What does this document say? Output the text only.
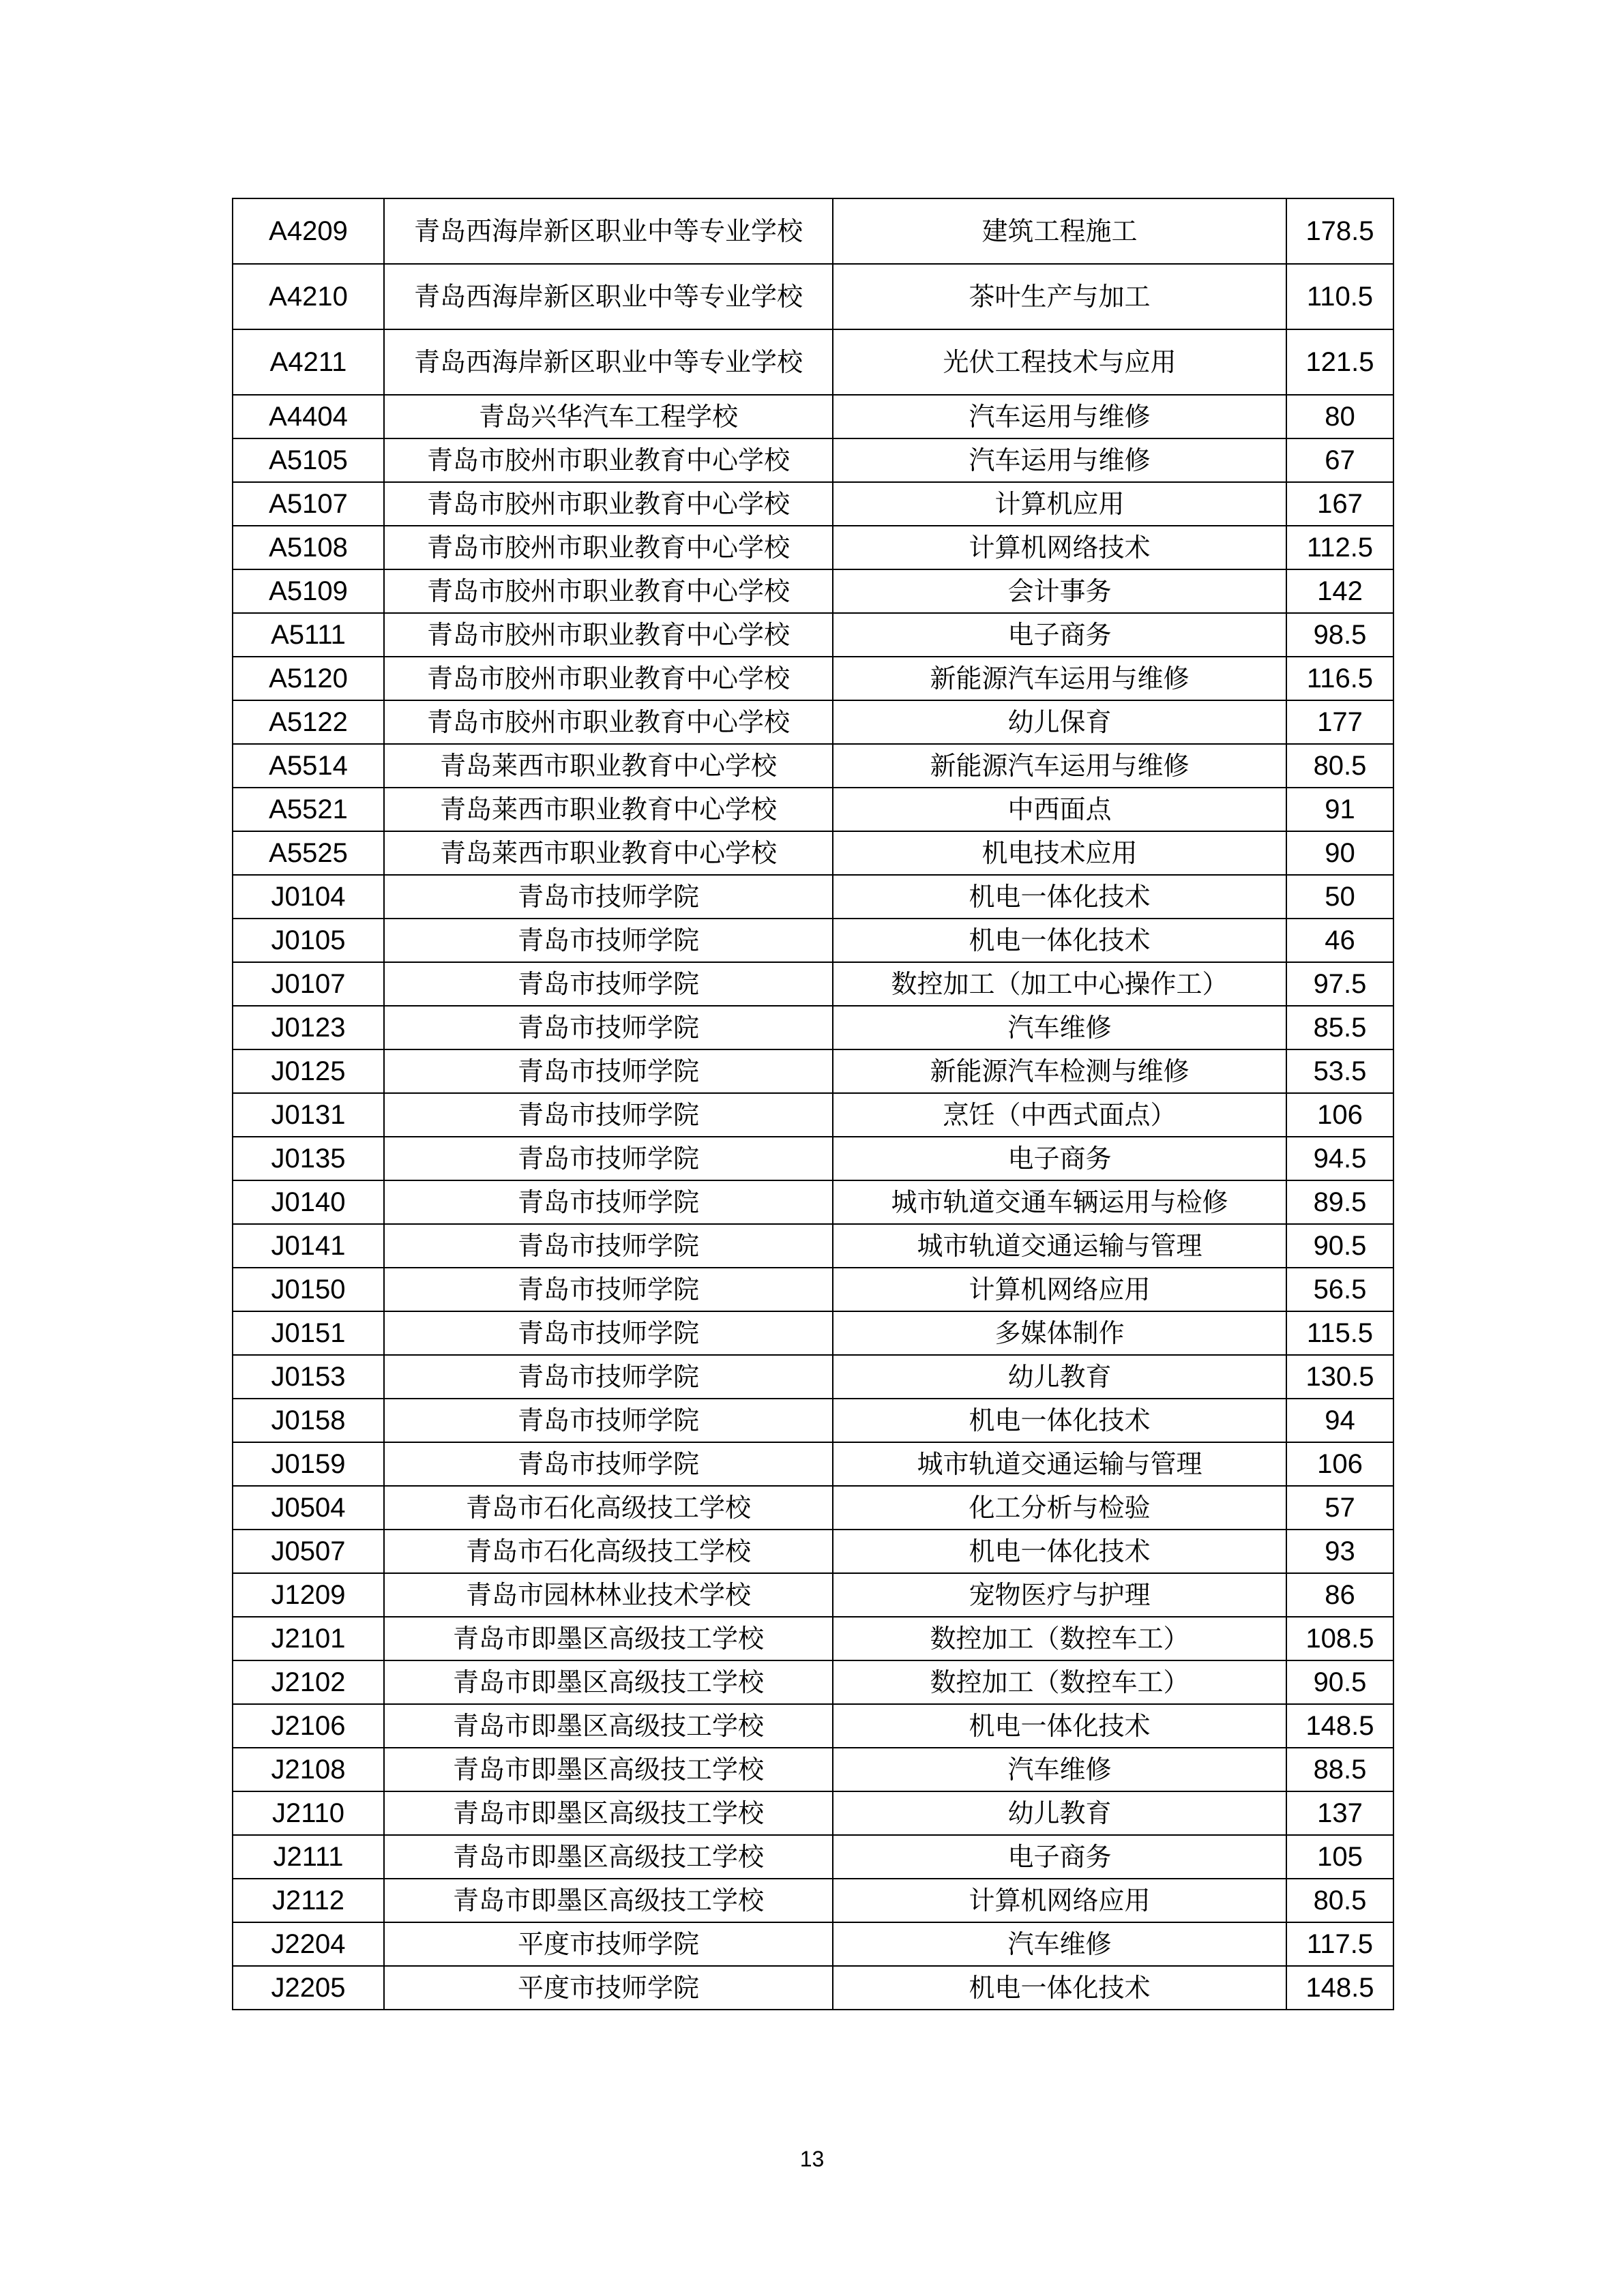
A4209	青岛西海岸新区职业中等专业学校	建筑工程施工	178.5
A4210	青岛西海岸新区职业中等专业学校	茶叶生产与加工	110.5
A4211	青岛西海岸新区职业中等专业学校	光伏工程技术与应用	121.5
A4404	青岛兴华汽车工程学校	汽车运用与维修	80
A5105	青岛市胶州市职业教育中心学校	汽车运用与维修	67
A5107	青岛市胶州市职业教育中心学校	计算机应用	167
A5108	青岛市胶州市职业教育中心学校	计算机网络技术	112.5
A5109	青岛市胶州市职业教育中心学校	会计事务	142
A5111	青岛市胶州市职业教育中心学校	电子商务	98.5
A5120	青岛市胶州市职业教育中心学校	新能源汽车运用与维修	116.5
A5122	青岛市胶州市职业教育中心学校	幼儿保育	177
A5514	青岛莱西市职业教育中心学校	新能源汽车运用与维修	80.5
A5521	青岛莱西市职业教育中心学校	中西面点	91
A5525	青岛莱西市职业教育中心学校	机电技术应用	90
J0104	青岛市技师学院	机电一体化技术	50
J0105	青岛市技师学院	机电一体化技术	46
J0107	青岛市技师学院	数控加工（加工中心操作工）	97.5
J0123	青岛市技师学院	汽车维修	85.5
J0125	青岛市技师学院	新能源汽车检测与维修	53.5
J0131	青岛市技师学院	烹饪（中西式面点）	106
J0135	青岛市技师学院	电子商务	94.5
J0140	青岛市技师学院	城市轨道交通车辆运用与检修	89.5
J0141	青岛市技师学院	城市轨道交通运输与管理	90.5
J0150	青岛市技师学院	计算机网络应用	56.5
J0151	青岛市技师学院	多媒体制作	115.5
J0153	青岛市技师学院	幼儿教育	130.5
J0158	青岛市技师学院	机电一体化技术	94
J0159	青岛市技师学院	城市轨道交通运输与管理	106
J0504	青岛市石化高级技工学校	化工分析与检验	57
J0507	青岛市石化高级技工学校	机电一体化技术	93
J1209	青岛市园林林业技术学校	宠物医疗与护理	86
J2101	青岛市即墨区高级技工学校	数控加工（数控车工）	108.5
J2102	青岛市即墨区高级技工学校	数控加工（数控车工）	90.5
J2106	青岛市即墨区高级技工学校	机电一体化技术	148.5
J2108	青岛市即墨区高级技工学校	汽车维修	88.5
J2110	青岛市即墨区高级技工学校	幼儿教育	137
J2111	青岛市即墨区高级技工学校	电子商务	105
J2112	青岛市即墨区高级技工学校	计算机网络应用	80.5
J2204	平度市技师学院	汽车维修	117.5
J2205	平度市技师学院	机电一体化技术	148.5
13
